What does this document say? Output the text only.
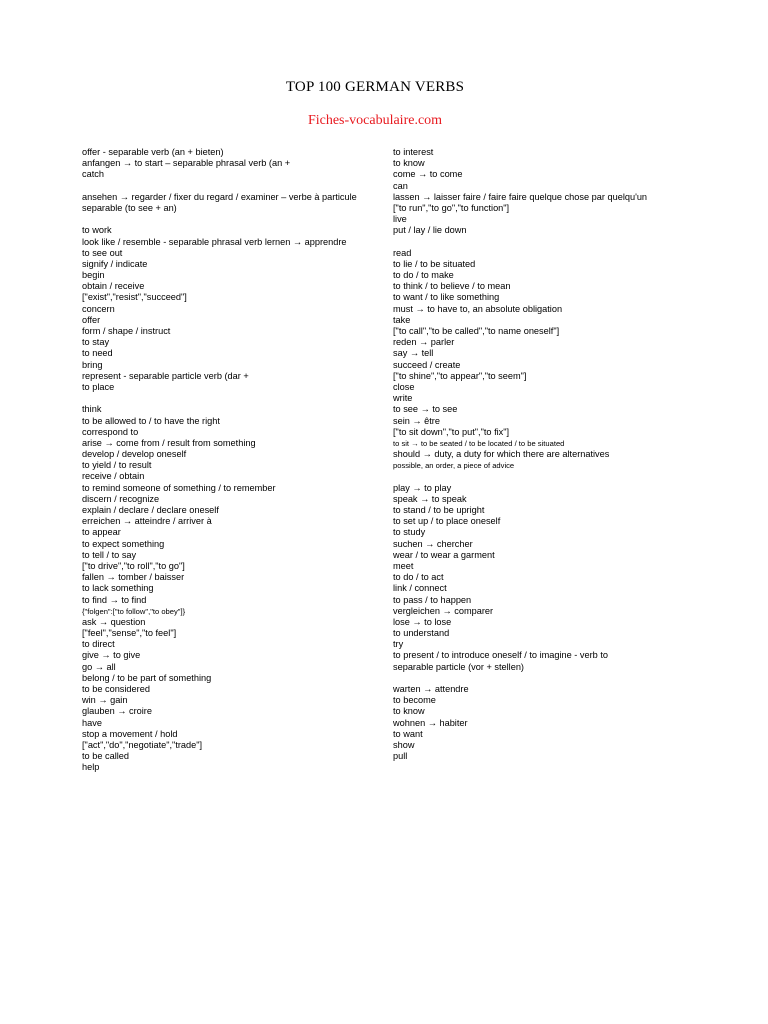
TOP 100 GERMAN VERBS
Fiches-vocabulaire.com
offer - separable verb (an + bieten)
anfangen → to start – separable phrasal verb (an +
catch
ansehen → regarder / fixer du regard / examiner – verbe à particule
separable (to see + an)
to work
look like / resemble - separable phrasal verb lernen → apprendre
to see out
signify / indicate
begin
obtain / receive
["exist","resist","succeed"]
concern
offer
form / shape / instruct
to stay
to need
bring
represent - separable particle verb (dar +
to place
think
to be allowed to / to have the right
correspond to
arise → come from / result from something
develop / develop oneself
to yield / to result
receive / obtain
to remind someone of something / to remember
discern / recognize
explain / declare / declare oneself
erreichen → atteindre / arriver à
to appear
to expect something
to tell / to say
["to drive","to roll","to go"]
fallen → tomber / baisser
to lack something
to find → to find
{"folgen":["to follow","to obey"]}
ask → question
["feel","sense","to feel"]
to direct
give → to give
go → all
belong / to be part of something
to be considered
win → gain
glauben → croire
have
stop a movement / hold
["act","do","negotiate","trade"]
to be called
help
to interest
to know
come → to come
can
lassen → laisser faire / faire faire quelque chose par quelqu'un
["to run","to go","to function"]
live
put / lay / lie down
read
to lie / to be situated
to do / to make
to think / to believe / to mean
to want / to like something
must → to have to, an absolute obligation
take
["to call","to be called","to name oneself"]
reden → parler
say → tell
succeed / create
["to shine","to appear","to seem"]
close
write
to see → to see
sein → être
["to sit down","to put","to fix"]
to sit → to be seated / to be located / to be situated
should → duty, a duty for which there are alternatives
possible, an order, a piece of advice
play → to play
speak → to speak
to stand / to be upright
to set up / to place oneself
to study
suchen → chercher
wear / to wear a garment
meet
to do / to act
link / connect
to pass / to happen
vergleichen → comparer
lose → to lose
to understand
try
to present / to introduce oneself / to imagine - verb to
separable particle (vor + stellen)
warten → attendre
to become
to know
wohnen → habiter
to want
show
pull
